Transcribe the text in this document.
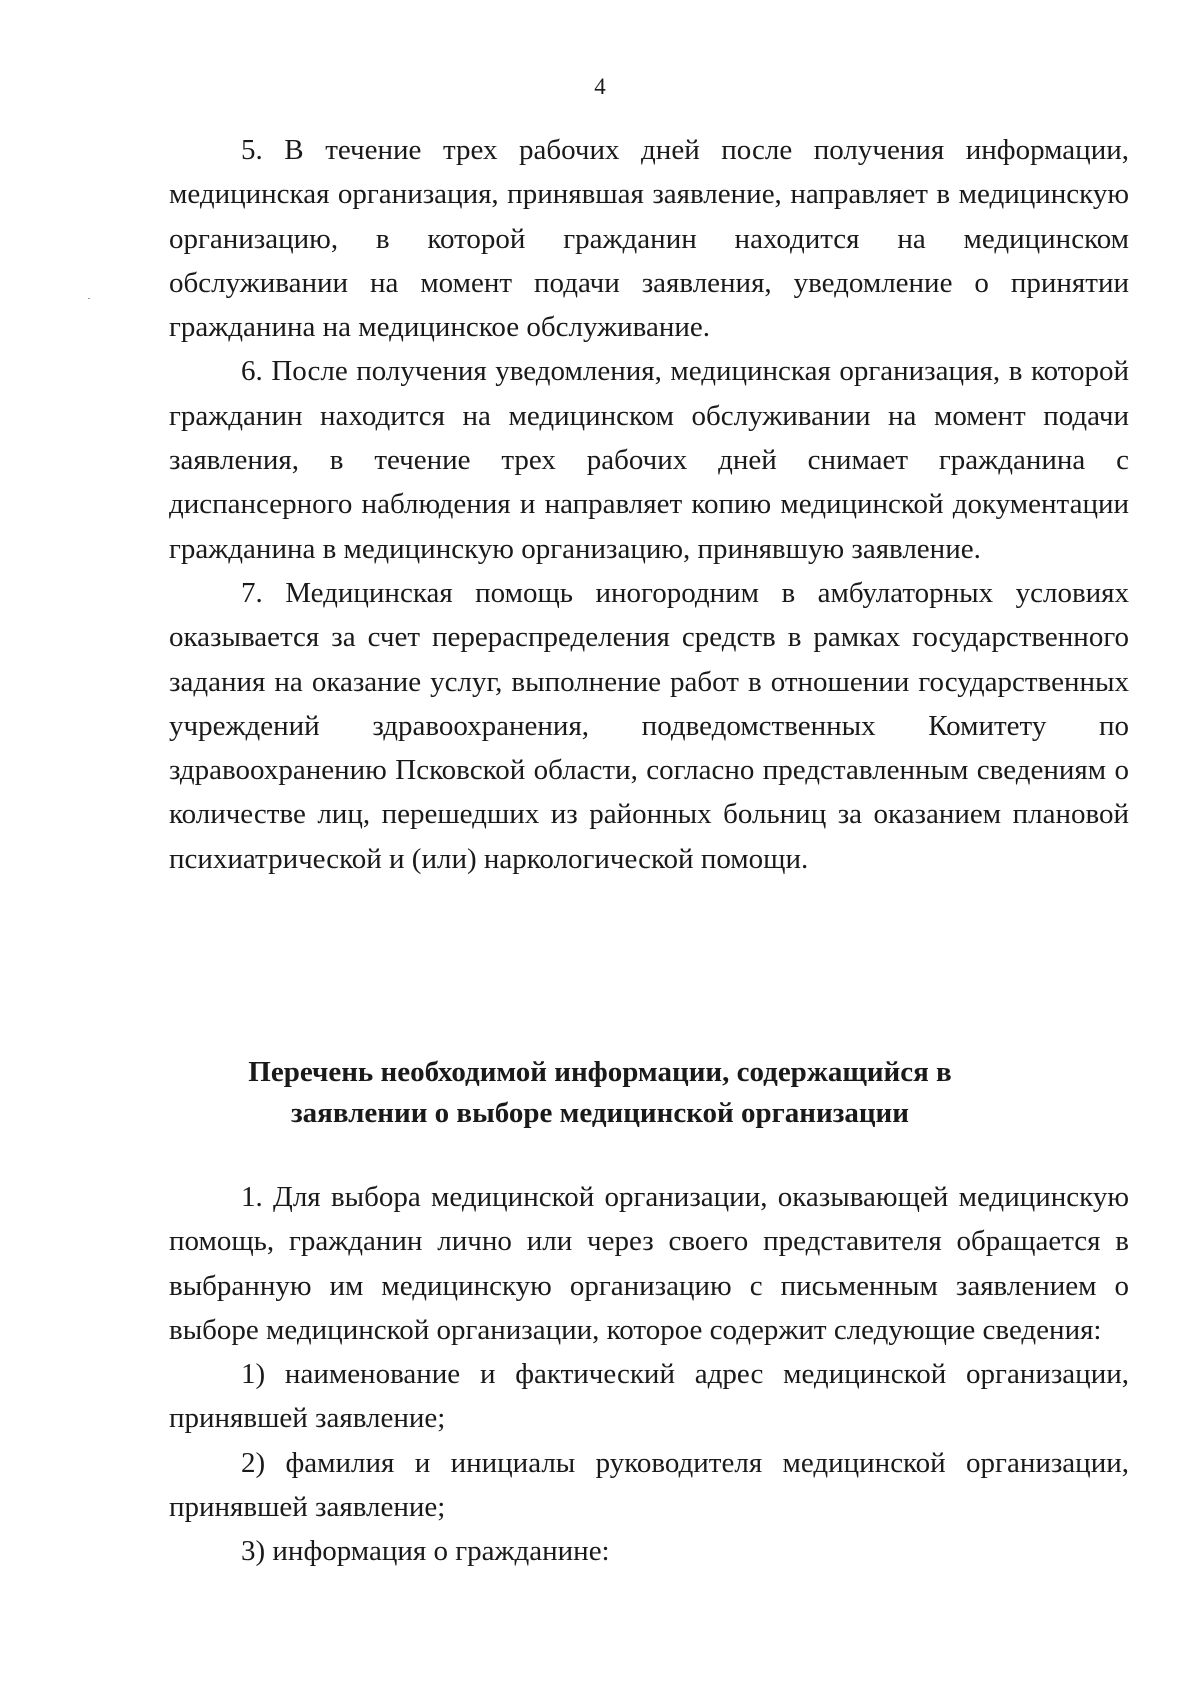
4

5. В течение трех рабочих дней после получения информации, медицинская организация, принявшая заявление, направляет в медицинскую организацию, в которой гражданин находится на медицинском обслуживании на момент подачи заявления, уведомление о принятии гражданина на медицинское обслуживание.

6. После получения уведомления, медицинская организация, в которой гражданин находится на медицинском обслуживании на момент подачи заявления, в течение трех рабочих дней снимает гражданина с диспансерного наблюдения и направляет копию медицинской документации гражданина в медицинскую организацию, принявшую заявление.

7. Медицинская помощь иногородним в амбулаторных условиях оказывается за счет перераспределения средств в рамках государственного задания на оказание услуг, выполнение работ в отношении государственных учреждений здравоохранения, подведомственных Комитету по здравоохранению Псковской области, согласно представленным сведениям о количестве лиц, перешедших из районных больниц за оказанием плановой психиатрической и (или) наркологической помощи.

Перечень необходимой информации, содержащийся в
заявлении о выборе медицинской организации

1. Для выбора медицинской организации, оказывающей медицинскую помощь, гражданин лично или через своего представителя обращается в выбранную им медицинскую организацию с письменным заявлением о выборе медицинской организации, которое содержит следующие сведения:

1) наименование и фактический адрес медицинской организации, принявшей заявление;

2) фамилия и инициалы руководителя медицинской организации, принявшей заявление;

3) информация о гражданине:
